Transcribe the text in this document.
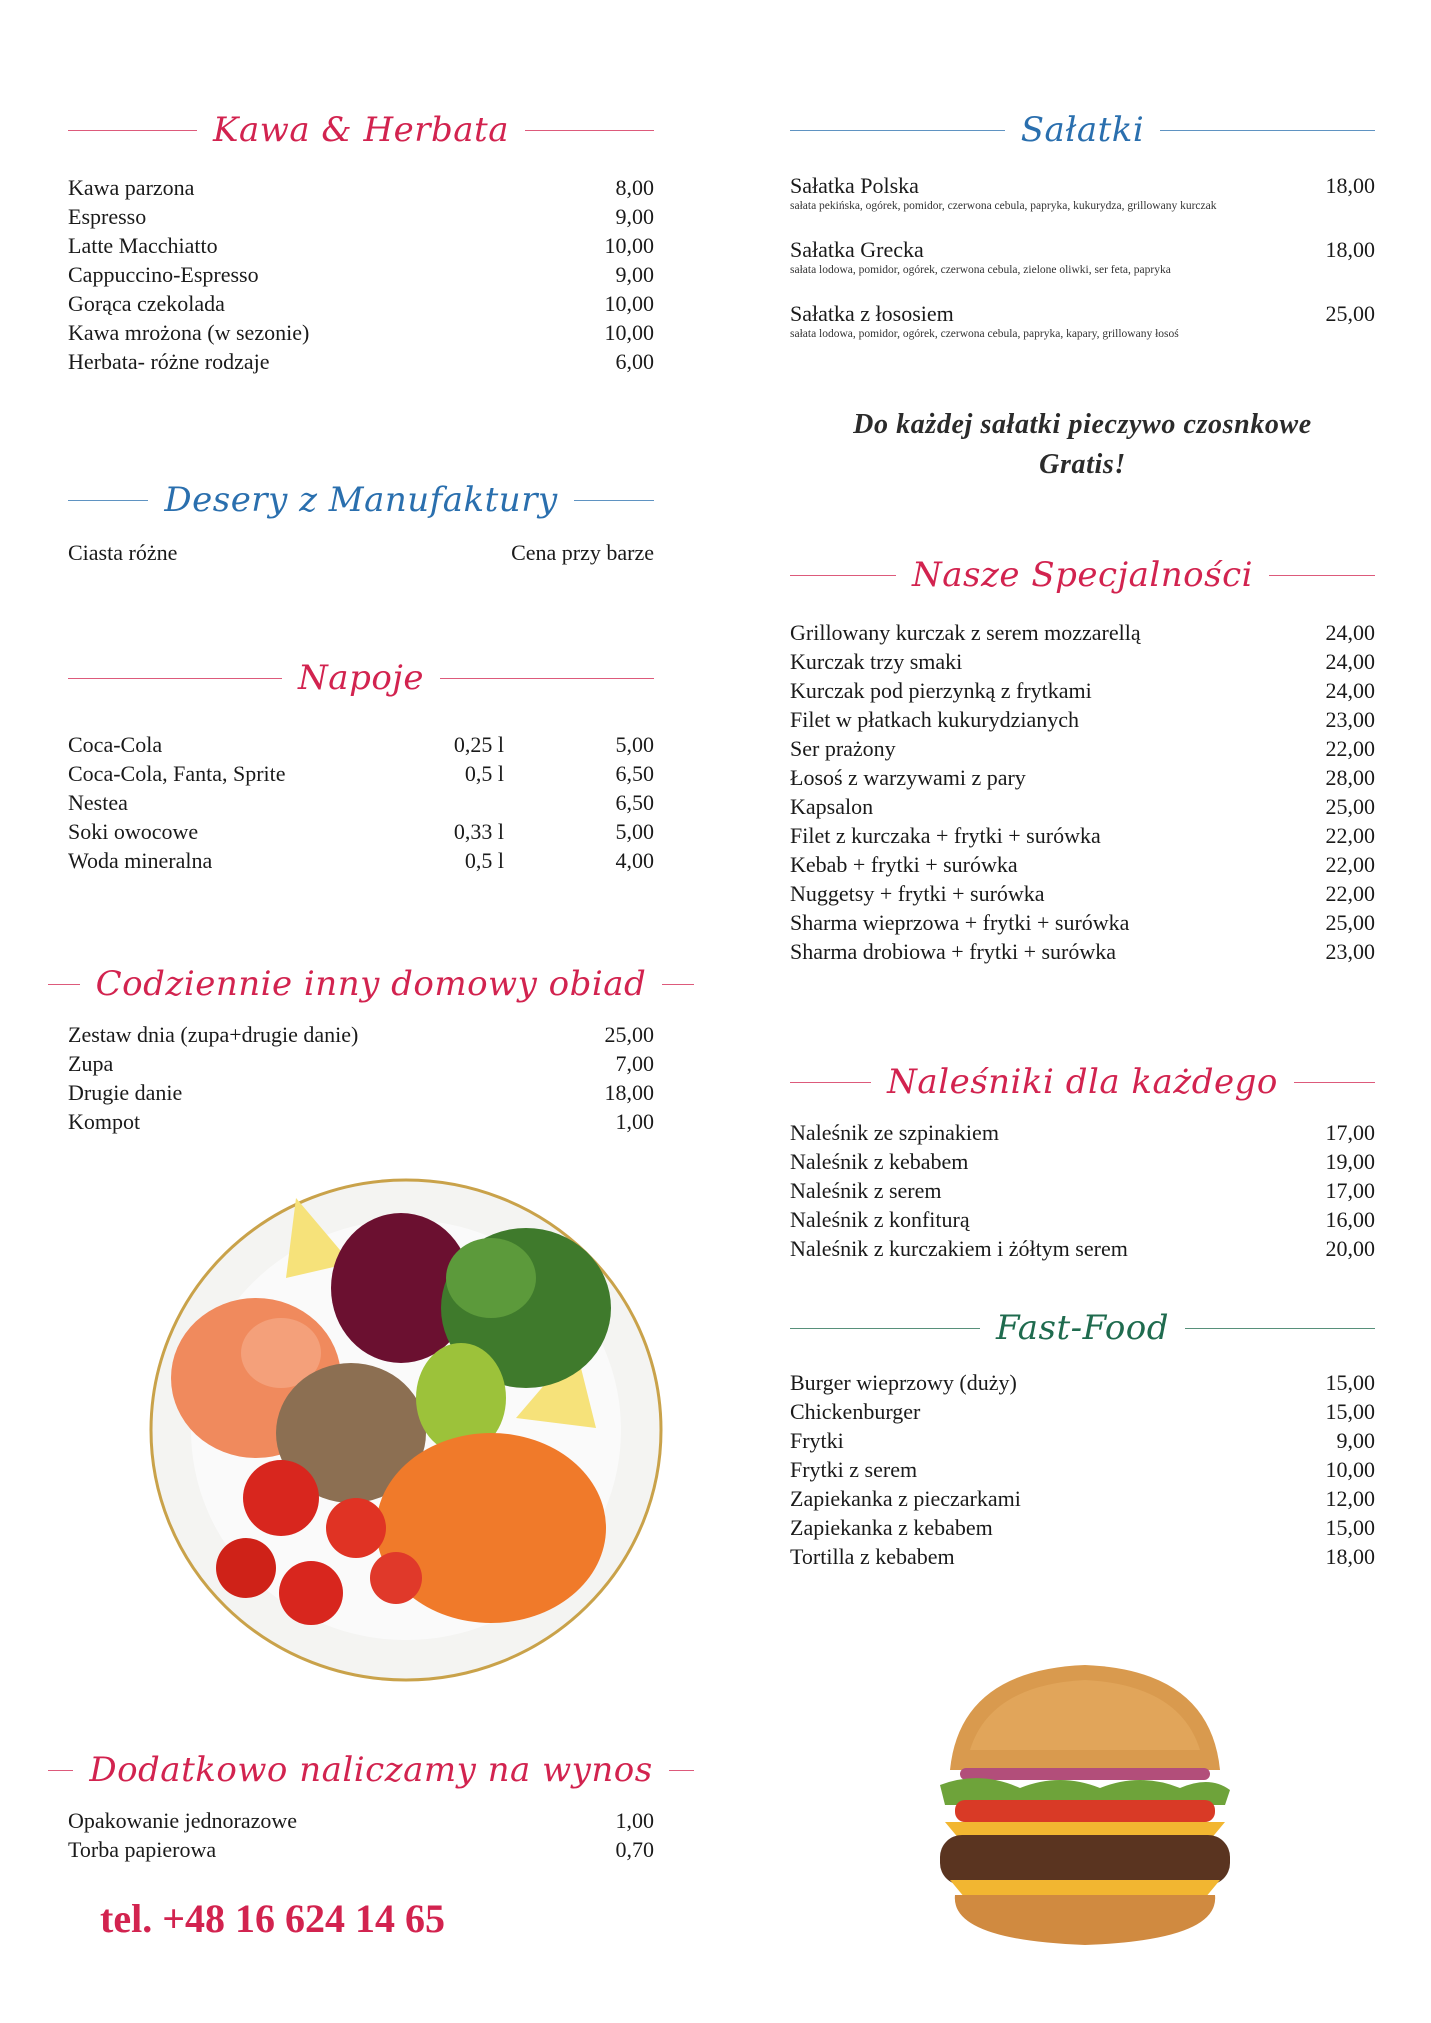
Kawa & Herbata
Kawa parzona	8,00
Espresso	9,00
Latte Macchiatto	10,00
Cappuccino-Espresso	9,00
Gorąca czekolada	10,00
Kawa mrożona (w sezonie)	10,00
Herbata- różne rodzaje	6,00
Desery z Manufaktury
Ciasta różne	Cena przy barze
Napoje
Coca-Cola	0,25 l	5,00
Coca-Cola, Fanta, Sprite	0,5 l	6,50
Nestea	6,50
Soki owocowe	0,33 l	5,00
Woda mineralna	0,5 l	4,00
Codziennie inny domowy obiad
Zestaw dnia (zupa+drugie danie)	25,00
Zupa	7,00
Drugie danie	18,00
Kompot	1,00
Dodatkowo naliczamy na wynos
Opakowanie jednorazowe	1,00
Torba papierowa	0,70
tel. +48 16 624 14 65
Sałatki
Sałatka Polska	18,00
sałata pekińska, ogórek, pomidor, czerwona cebula, papryka, kukurydza, grillowany kurczak
Sałatka Grecka	18,00
sałata lodowa, pomidor, ogórek, czerwona cebula, zielone oliwki, ser feta, papryka
Sałatka z łososiem	25,00
sałata lodowa, pomidor, ogórek, czerwona cebula, papryka, kapary, grillowany łosoś
Do każdej sałatki pieczywo czosnkowe
Gratis!
Nasze Specjalności
Grillowany kurczak z serem mozzarellą	24,00
Kurczak trzy smaki	24,00
Kurczak pod pierzynką z frytkami	24,00
Filet w płatkach kukurydzianych	23,00
Ser prażony	22,00
Łosoś z warzywami z pary	28,00
Kapsalon	25,00
Filet z kurczaka + frytki + surówka	22,00
Kebab + frytki + surówka	22,00
Nuggetsy + frytki + surówka	22,00
Sharma wieprzowa + frytki + surówka	25,00
Sharma drobiowa + frytki + surówka	23,00
Naleśniki dla każdego
Naleśnik ze szpinakiem	17,00
Naleśnik z kebabem	19,00
Naleśnik z serem	17,00
Naleśnik z konfiturą	16,00
Naleśnik z kurczakiem i żółtym serem	20,00
Fast-Food
Burger wieprzowy (duży)	15,00
Chickenburger	15,00
Frytki	9,00
Frytki z serem	10,00
Zapiekanka z pieczarkami	12,00
Zapiekanka z kebabem	15,00
Tortilla z kebabem	18,00
